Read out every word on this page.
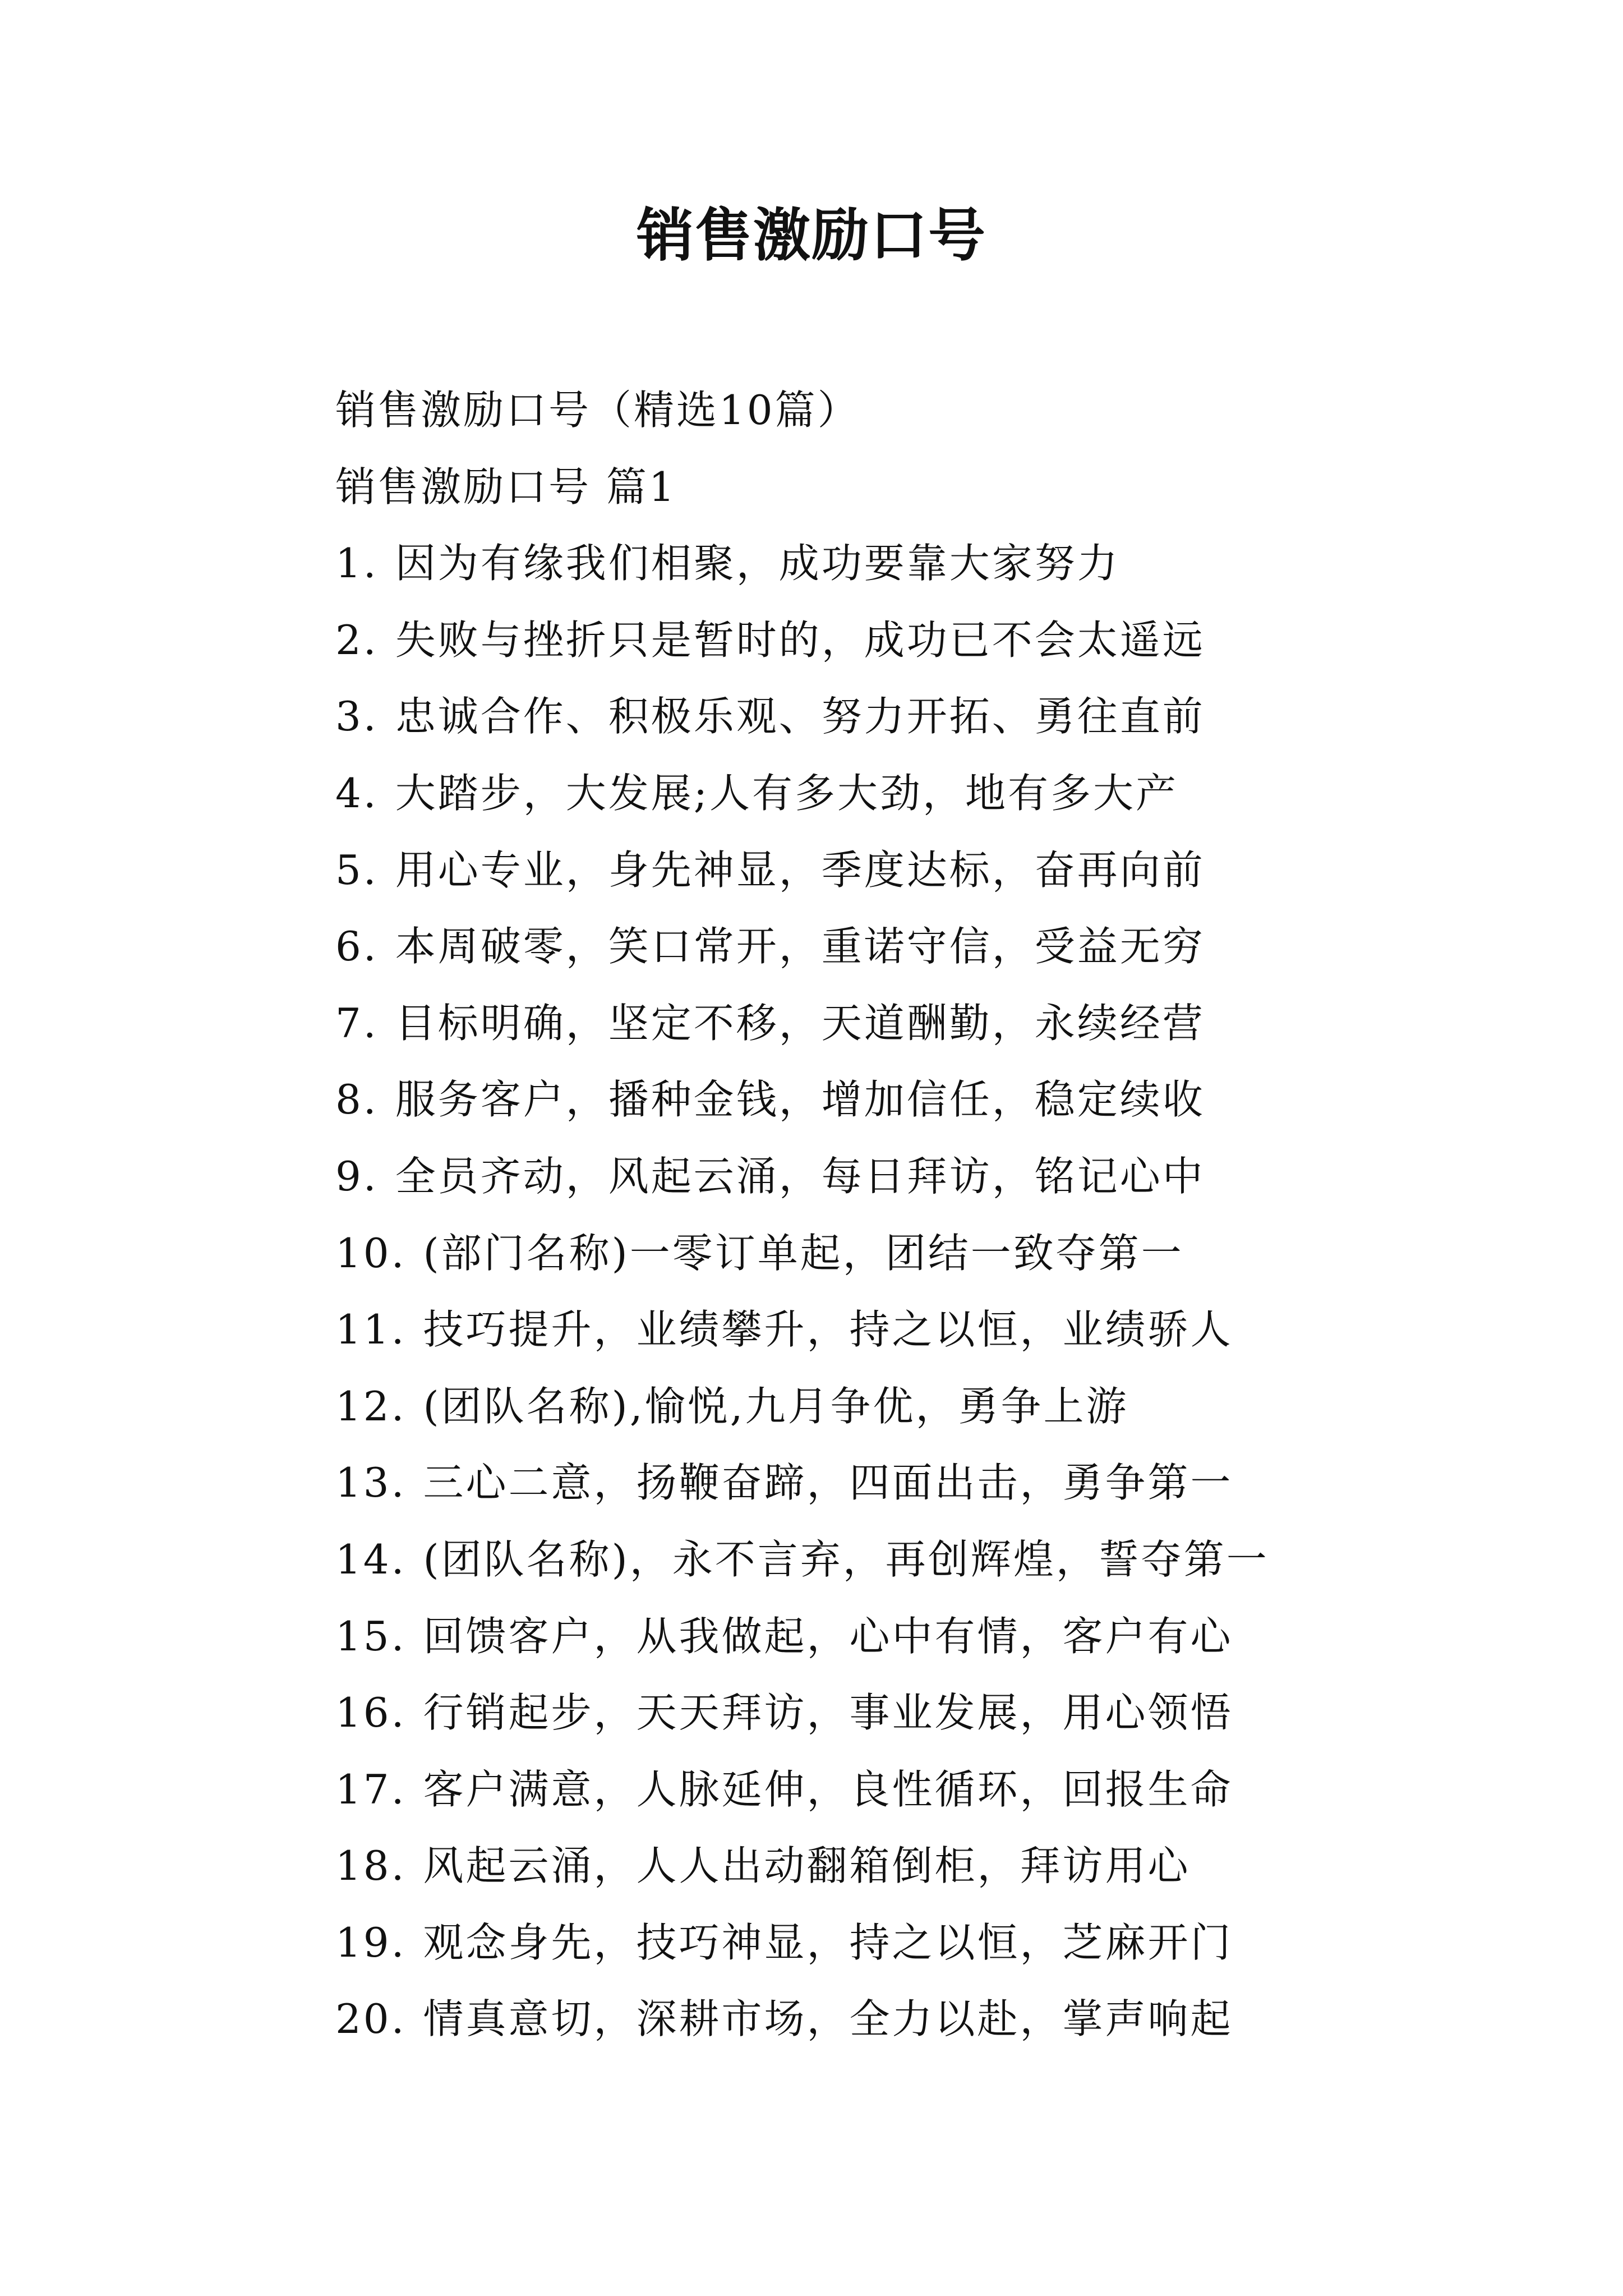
销售激励口号
销售激励口号（精选10篇）
销售激励口号 篇1
1. 因为有缘我们相聚，成功要靠大家努力
2. 失败与挫折只是暂时的，成功已不会太遥远
3. 忠诚合作、积极乐观、努力开拓、勇往直前
4. 大踏步，大发展;人有多大劲，地有多大产
5. 用心专业，身先神显，季度达标，奋再向前
6. 本周破零，笑口常开，重诺守信，受益无穷
7. 目标明确，坚定不移，天道酬勤，永续经营
8. 服务客户，播种金钱，增加信任，稳定续收
9. 全员齐动，风起云涌，每日拜访，铭记心中
10. (部门名称)一零订单起，团结一致夺第一
11. 技巧提升，业绩攀升，持之以恒，业绩骄人
12. (团队名称),愉悦,九月争优，勇争上游
13. 三心二意，扬鞭奋蹄，四面出击，勇争第一
14. (团队名称)，永不言弃，再创辉煌，誓夺第一
15. 回馈客户，从我做起，心中有情，客户有心
16. 行销起步，天天拜访，事业发展，用心领悟
17. 客户满意，人脉延伸，良性循环，回报生命
18. 风起云涌，人人出动翻箱倒柜，拜访用心
19. 观念身先，技巧神显，持之以恒，芝麻开门
20. 情真意切，深耕市场，全力以赴，掌声响起
